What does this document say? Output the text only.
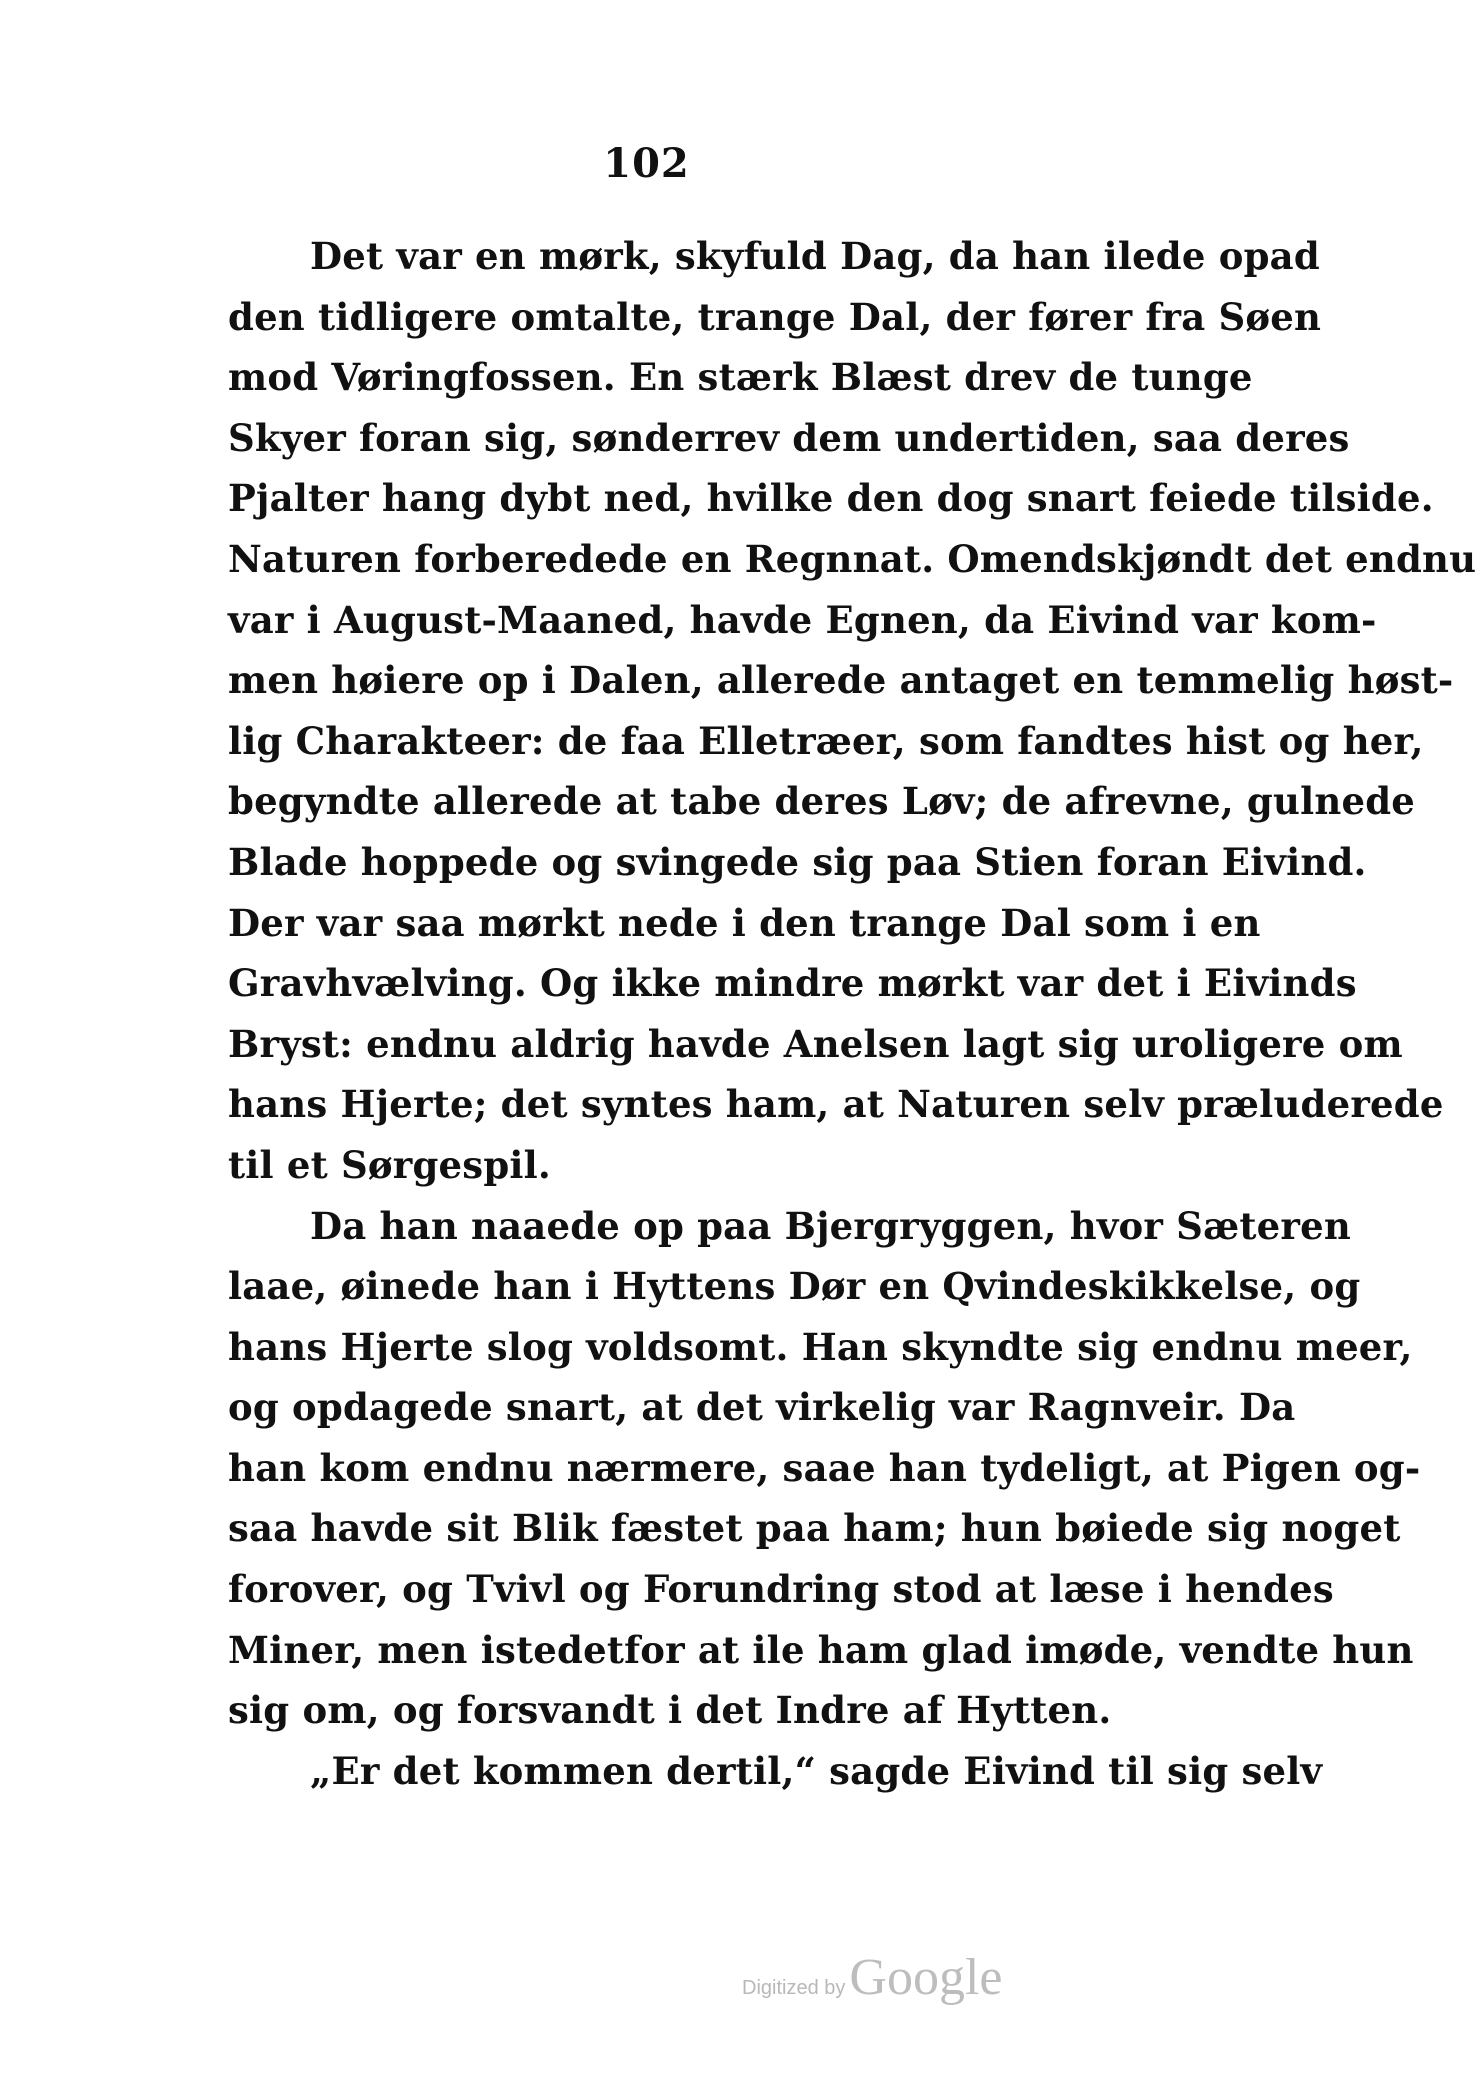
102
Det var en mørk, skyfuld Dag, da han ilede opad
den tidligere omtalte, trange Dal, der fører fra Søen
mod Vøringfossen. En stærk Blæst drev de tunge
Skyer foran sig, sønderrev dem undertiden, saa deres
Pjalter hang dybt ned, hvilke den dog snart feiede tilside.
Naturen forberedede en Regnnat. Omendskjøndt det endnu
var i August-Maaned, havde Egnen, da Eivind var kom-
men høiere op i Dalen, allerede antaget en temmelig høst-
lig Charakteer: de faa Elletræer, som fandtes hist og her,
begyndte allerede at tabe deres Løv; de afrevne, gulnede
Blade hoppede og svingede sig paa Stien foran Eivind.
Der var saa mørkt nede i den trange Dal som i en
Gravhvælving. Og ikke mindre mørkt var det i Eivinds
Bryst: endnu aldrig havde Anelsen lagt sig uroligere om
hans Hjerte; det syntes ham, at Naturen selv præluderede
til et Sørgespil.
Da han naaede op paa Bjergryggen, hvor Sæteren
laae, øinede han i Hyttens Dør en Qvindeskikkelse, og
hans Hjerte slog voldsomt. Han skyndte sig endnu meer,
og opdagede snart, at det virkelig var Ragnveir. Da
han kom endnu nærmere, saae han tydeligt, at Pigen og-
saa havde sit Blik fæstet paa ham; hun bøiede sig noget
forover, og Tvivl og Forundring stod at læse i hendes
Miner, men istedetfor at ile ham glad imøde, vendte hun
sig om, og forsvandt i det Indre af Hytten.
„Er det kommen dertil,“ sagde Eivind til sig selv
Digitized by Google
